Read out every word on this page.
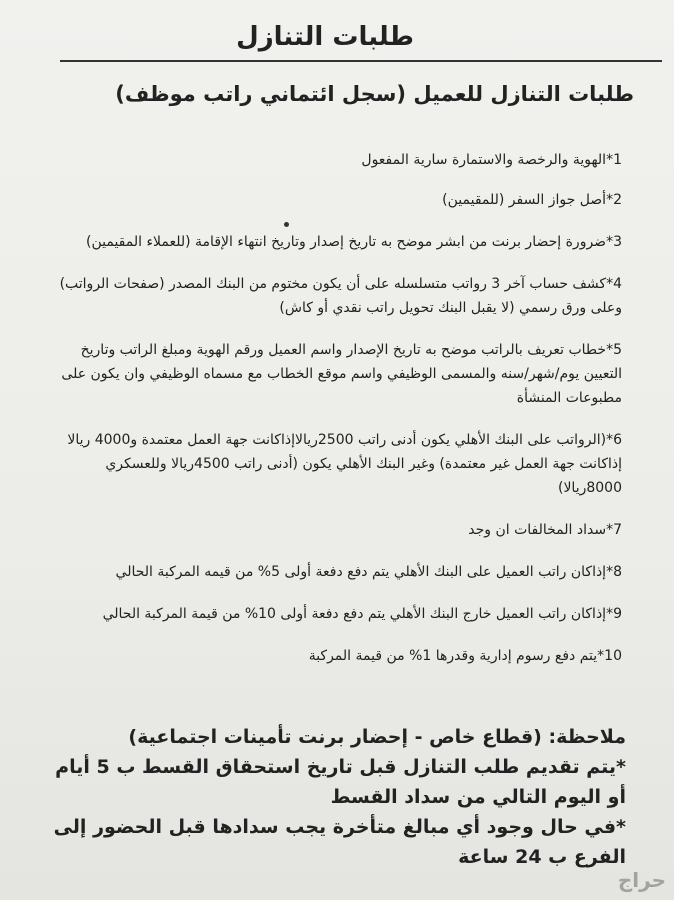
طلبات التنازل
طلبات التنازل للعميل (سجل ائتماني راتب موظف)

1*الهوية والرخصة والاستمارة سارية المفعول

2*أصل جواز السفر (للمقيمين)

3*ضرورة إحضار برنت من ابشر موضح به تاريخ إصدار وتاريخ انتهاء الإقامة (للعملاء المقيمين)

4*كشف حساب آخر 3 رواتب متسلسله على أن يكون مختوم من البنك المصدر (صفحات الرواتب) وعلى ورق رسمي (لا يقبل البنك تحويل راتب نقدي أو كاش)

5*خطاب تعريف بالراتب موضح به تاريخ الإصدار واسم العميل ورقم الهوية ومبلغ الراتب وتاريخ التعيين يوم/شهر/سنه والمسمى الوظيفي واسم موقع الخطاب مع مسماه الوظيفي وان يكون على مطبوعات المنشأة

6*(الرواتب على البنك الأهلي يكون أدنى راتب 2500ريالاإذاكانت جهة العمل معتمدة و4000 ريالا إذاكانت جهة العمل غير معتمدة) وغير البنك الأهلي يكون (أدنى راتب 4500ريالا وللعسكري 8000ريالا)

7*سداد المخالفات ان وجد

8*إذاكان راتب العميل على البنك الأهلي يتم دفع دفعة أولى 5% من قيمه المركبة الحالي

9*إذاكان راتب العميل خارج البنك الأهلي يتم دفع دفعة أولى 10% من قيمة المركبة الحالي

10*يتم دفع رسوم إدارية وقدرها 1% من قيمة المركبة

ملاحظة: (قطاع خاص - إحضار برنت تأمينات اجتماعية)

*يتم تقديم طلب التنازل قبل تاريخ استحقاق القسط ب 5 أيام أو اليوم التالي من سداد القسط

*في حال وجود أي مبالغ متأخرة يجب سدادها قبل الحضور إلى الفرع ب 24 ساعة

حراج
